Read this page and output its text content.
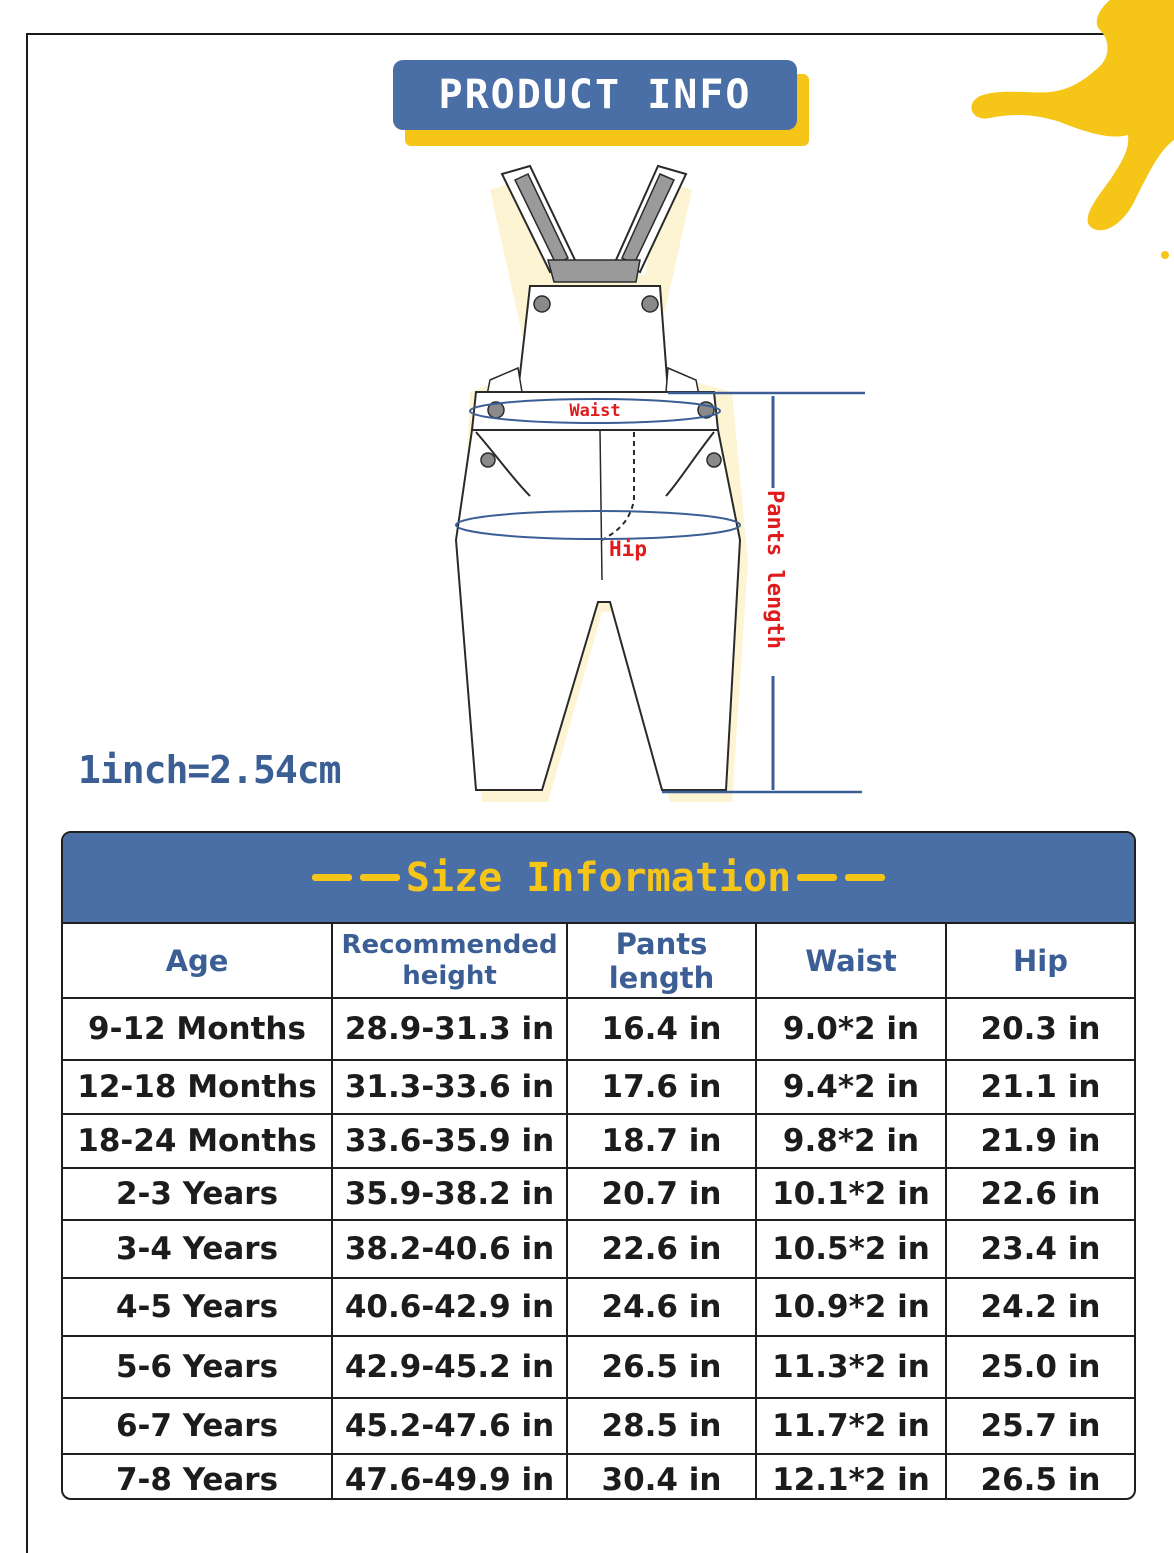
PRODUCT INFO
Waist
Hip	Pants length
1inch=2.54cm
Size Information
Age	Recommended height	Pants length	Waist	Hip
9-12 Months	28.9-31.3 in	16.4 in	9.0*2 in	20.3 in
12-18 Months	31.3-33.6 in	17.6 in	9.4*2 in	21.1 in
18-24 Months	33.6-35.9 in	18.7 in	9.8*2 in	21.9 in
2-3 Years	35.9-38.2 in	20.7 in	10.1*2 in	22.6 in
3-4 Years	38.2-40.6 in	22.6 in	10.5*2 in	23.4 in
4-5 Years	40.6-42.9 in	24.6 in	10.9*2 in	24.2 in
5-6 Years	42.9-45.2 in	26.5 in	11.3*2 in	25.0 in
6-7 Years	45.2-47.6 in	28.5 in	11.7*2 in	25.7 in
7-8 Years	47.6-49.9 in	30.4 in	12.1*2 in	26.5 in
